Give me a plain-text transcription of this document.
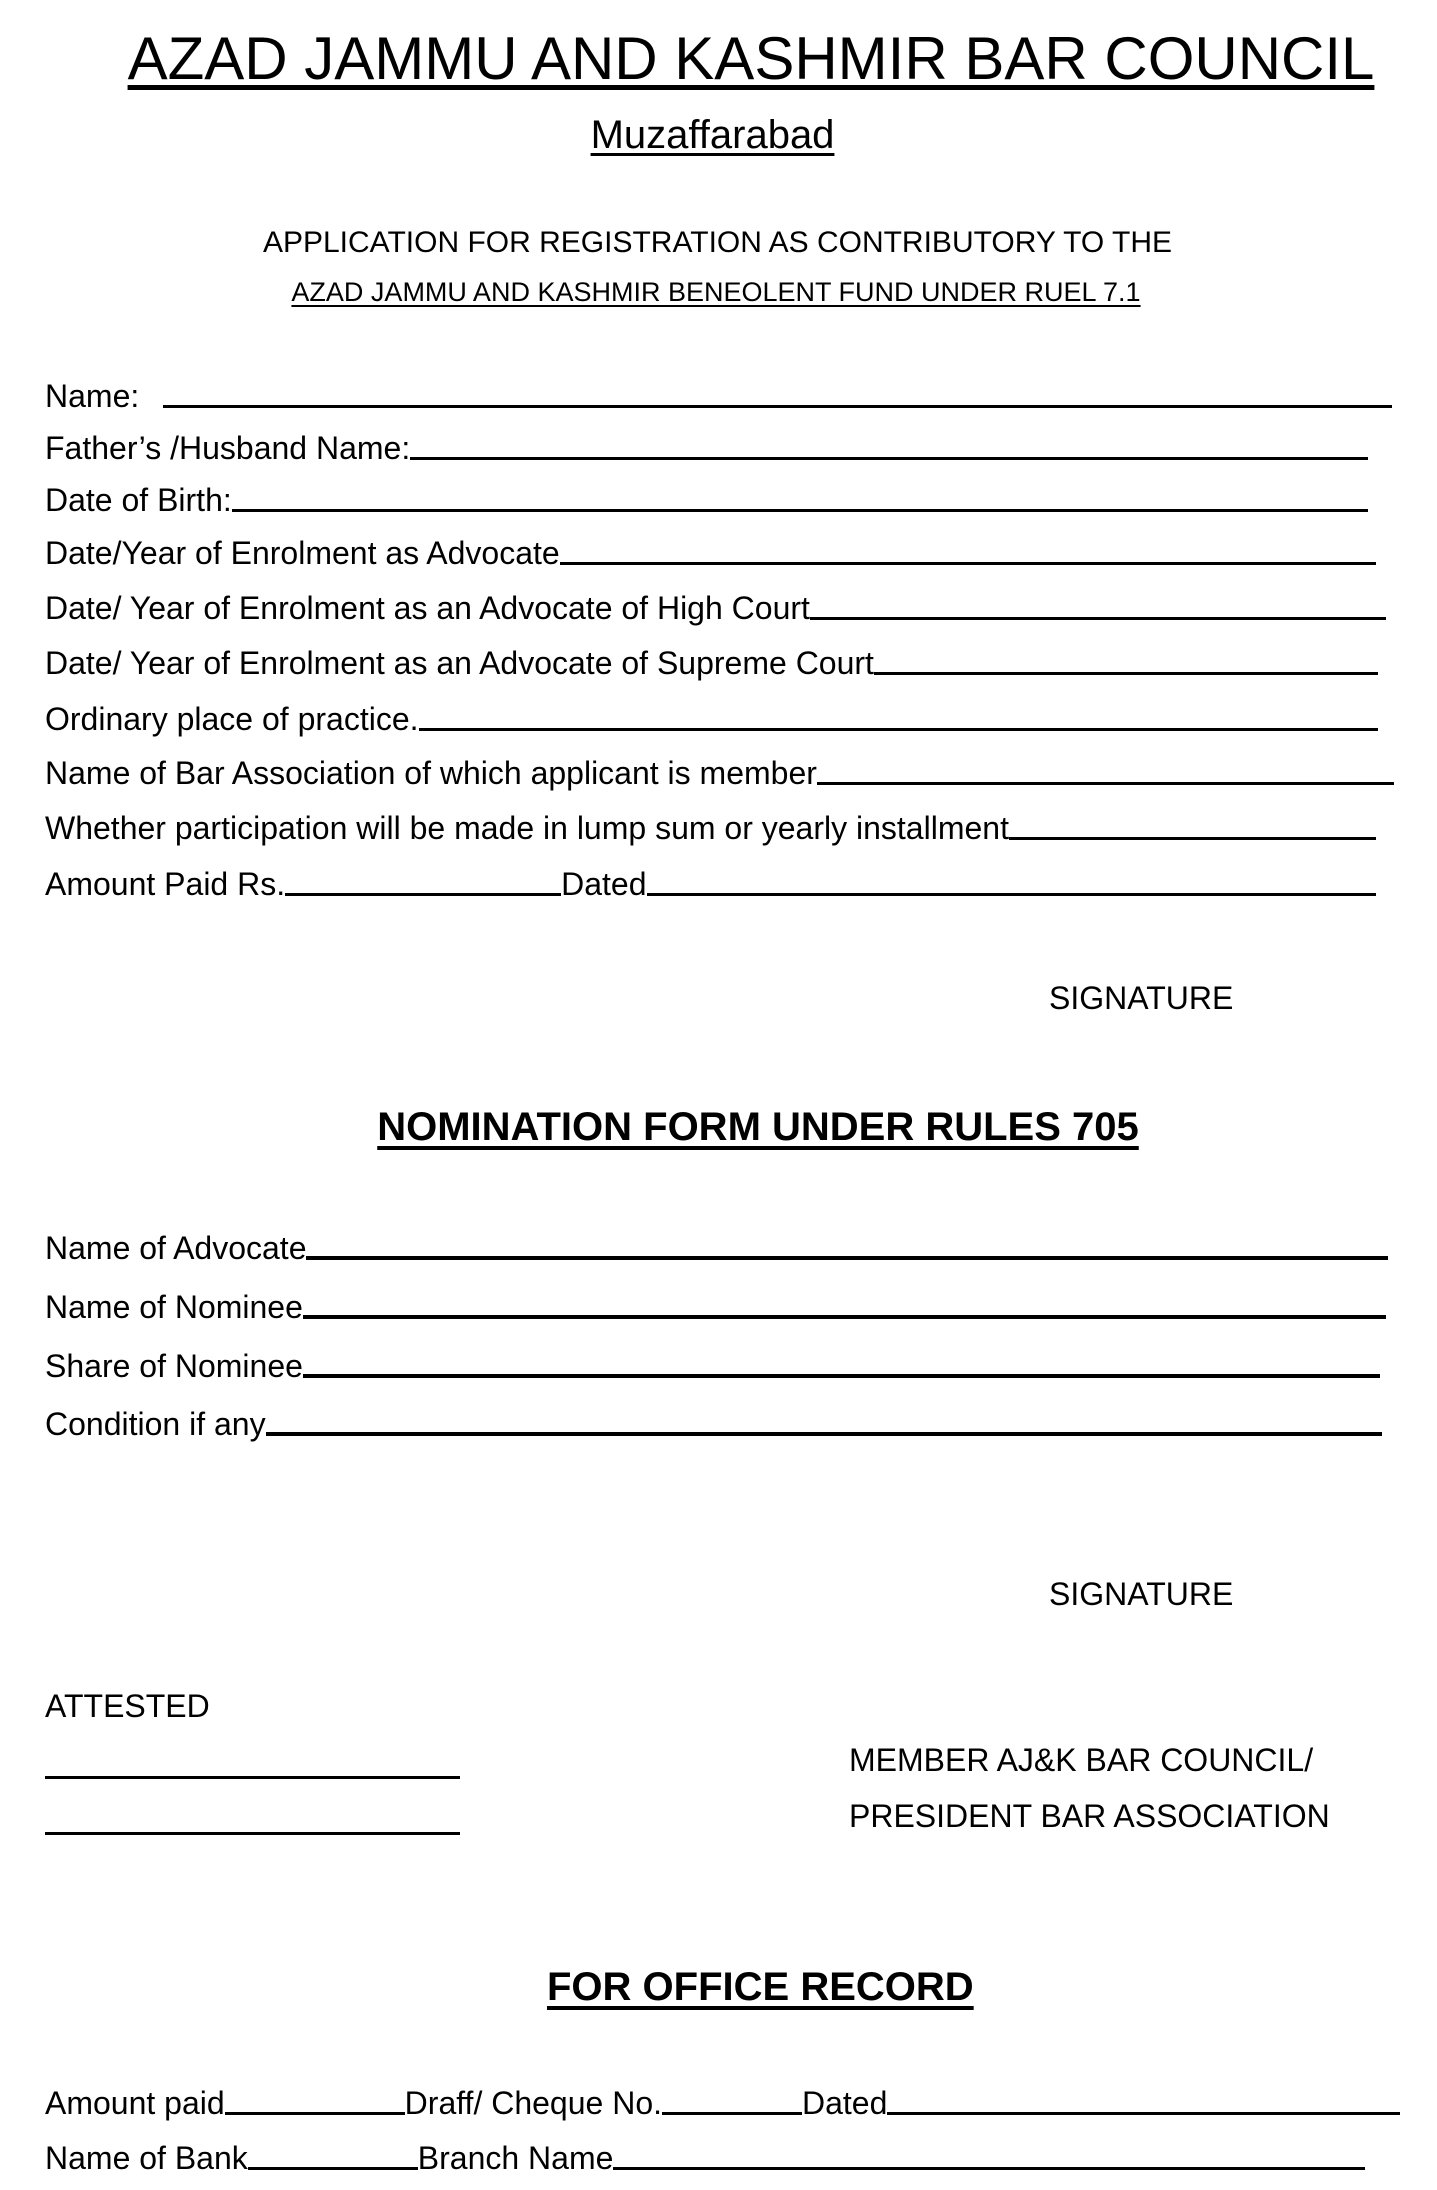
AZAD JAMMU AND KASHMIR BAR COUNCIL
Muzaffarabad
APPLICATION FOR REGISTRATION AS CONTRIBUTORY TO THE
AZAD JAMMU AND KASHMIR BENEOLENT FUND UNDER RUEL 7.1
Name:
Father’s /Husband Name:
Date of Birth:
Date/Year of Enrolment as Advocate
Date/ Year of Enrolment as an Advocate of High Court
Date/ Year of Enrolment as an Advocate of Supreme Court
Ordinary place of practice.
Name of Bar Association of which applicant is member
Whether participation will be made in lump sum or yearly installment
Amount Paid Rs.	Dated
SIGNATURE
NOMINATION FORM UNDER RULES 705
Name of Advocate
Name of Nominee
Share of Nominee
Condition if any
SIGNATURE
ATTESTED
MEMBER AJ&K BAR COUNCIL/
PRESIDENT BAR ASSOCIATION
FOR OFFICE RECORD
Amount paid	Draff/ Cheque No.	Dated
Name of Bank	Branch Name
